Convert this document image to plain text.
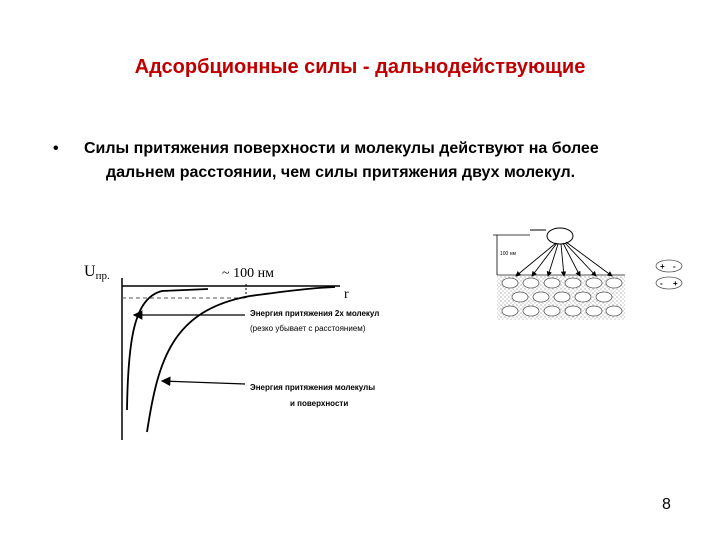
Адсорбционные силы - дальнодействующие
• Силы притяжения поверхности и молекулы действуют на более
дальнем расстоянии, чем силы притяжения двух молекул.
Uпр.
r
~ 100 нм
Энергия притяжения 2х молекул
(резко убывает с расстоянием)
Энергия притяжения молекулы
и поверхности
100 нм
+ -
- +
8
